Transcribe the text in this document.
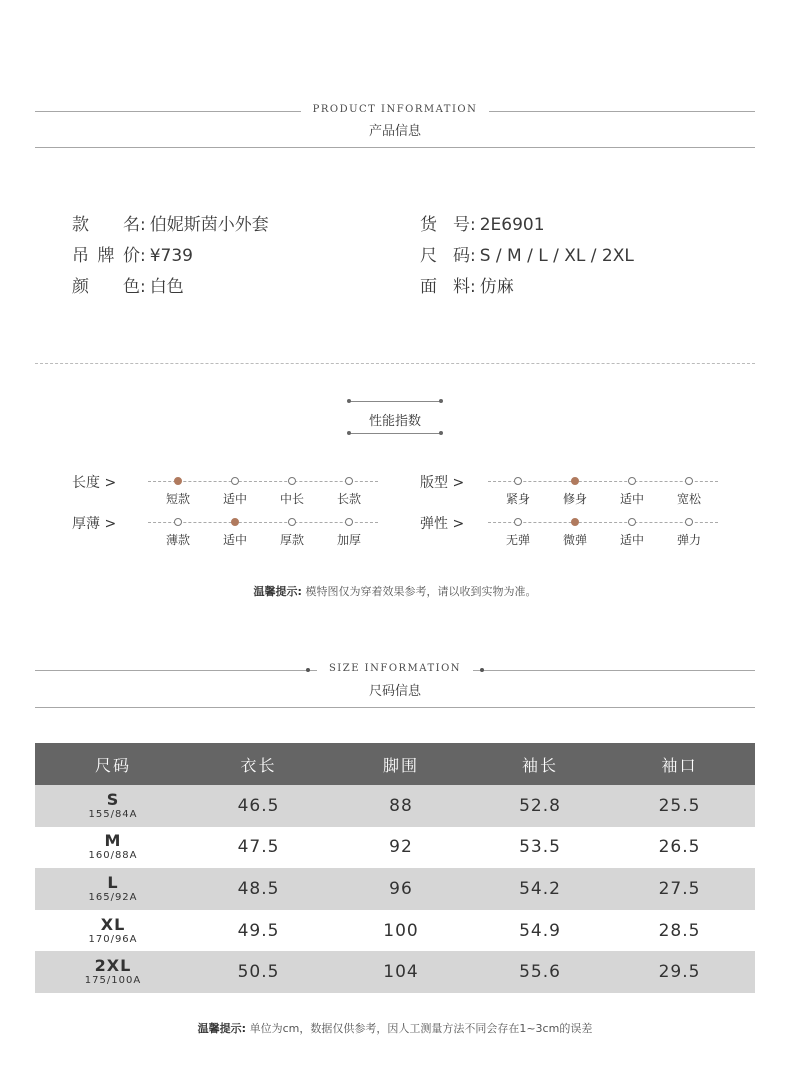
PRODUCT INFORMATION
产品信息
款名: 伯妮斯茵小外套
吊牌价: ¥739
颜色: 白色
货号: 2E6901
尺码: S / M / L / XL / 2XL
面料: 仿麻
性能指数
长度 >
短款	适中	中长	长款
版型 >
紧身	修身	适中	宽松
厚薄 >
薄款	适中	厚款	加厚
弹性 >
无弹	微弹	适中	弹力
温馨提示: 模特图仅为穿着效果参考，请以收到实物为准。
SIZE INFORMATION
尺码信息
尺码	衣长	脚围	袖长	袖口

S
155/84A	46.5	88	52.8	25.5

M
160/88A	47.5	92	53.5	26.5

L
165/92A	48.5	96	54.2	27.5

XL
170/96A	49.5	100	54.9	28.5

2XL
175/100A	50.5	104	55.6	29.5
温馨提示: 单位为cm，数据仅供参考，因人工测量方法不同会存在1~3cm的误差
